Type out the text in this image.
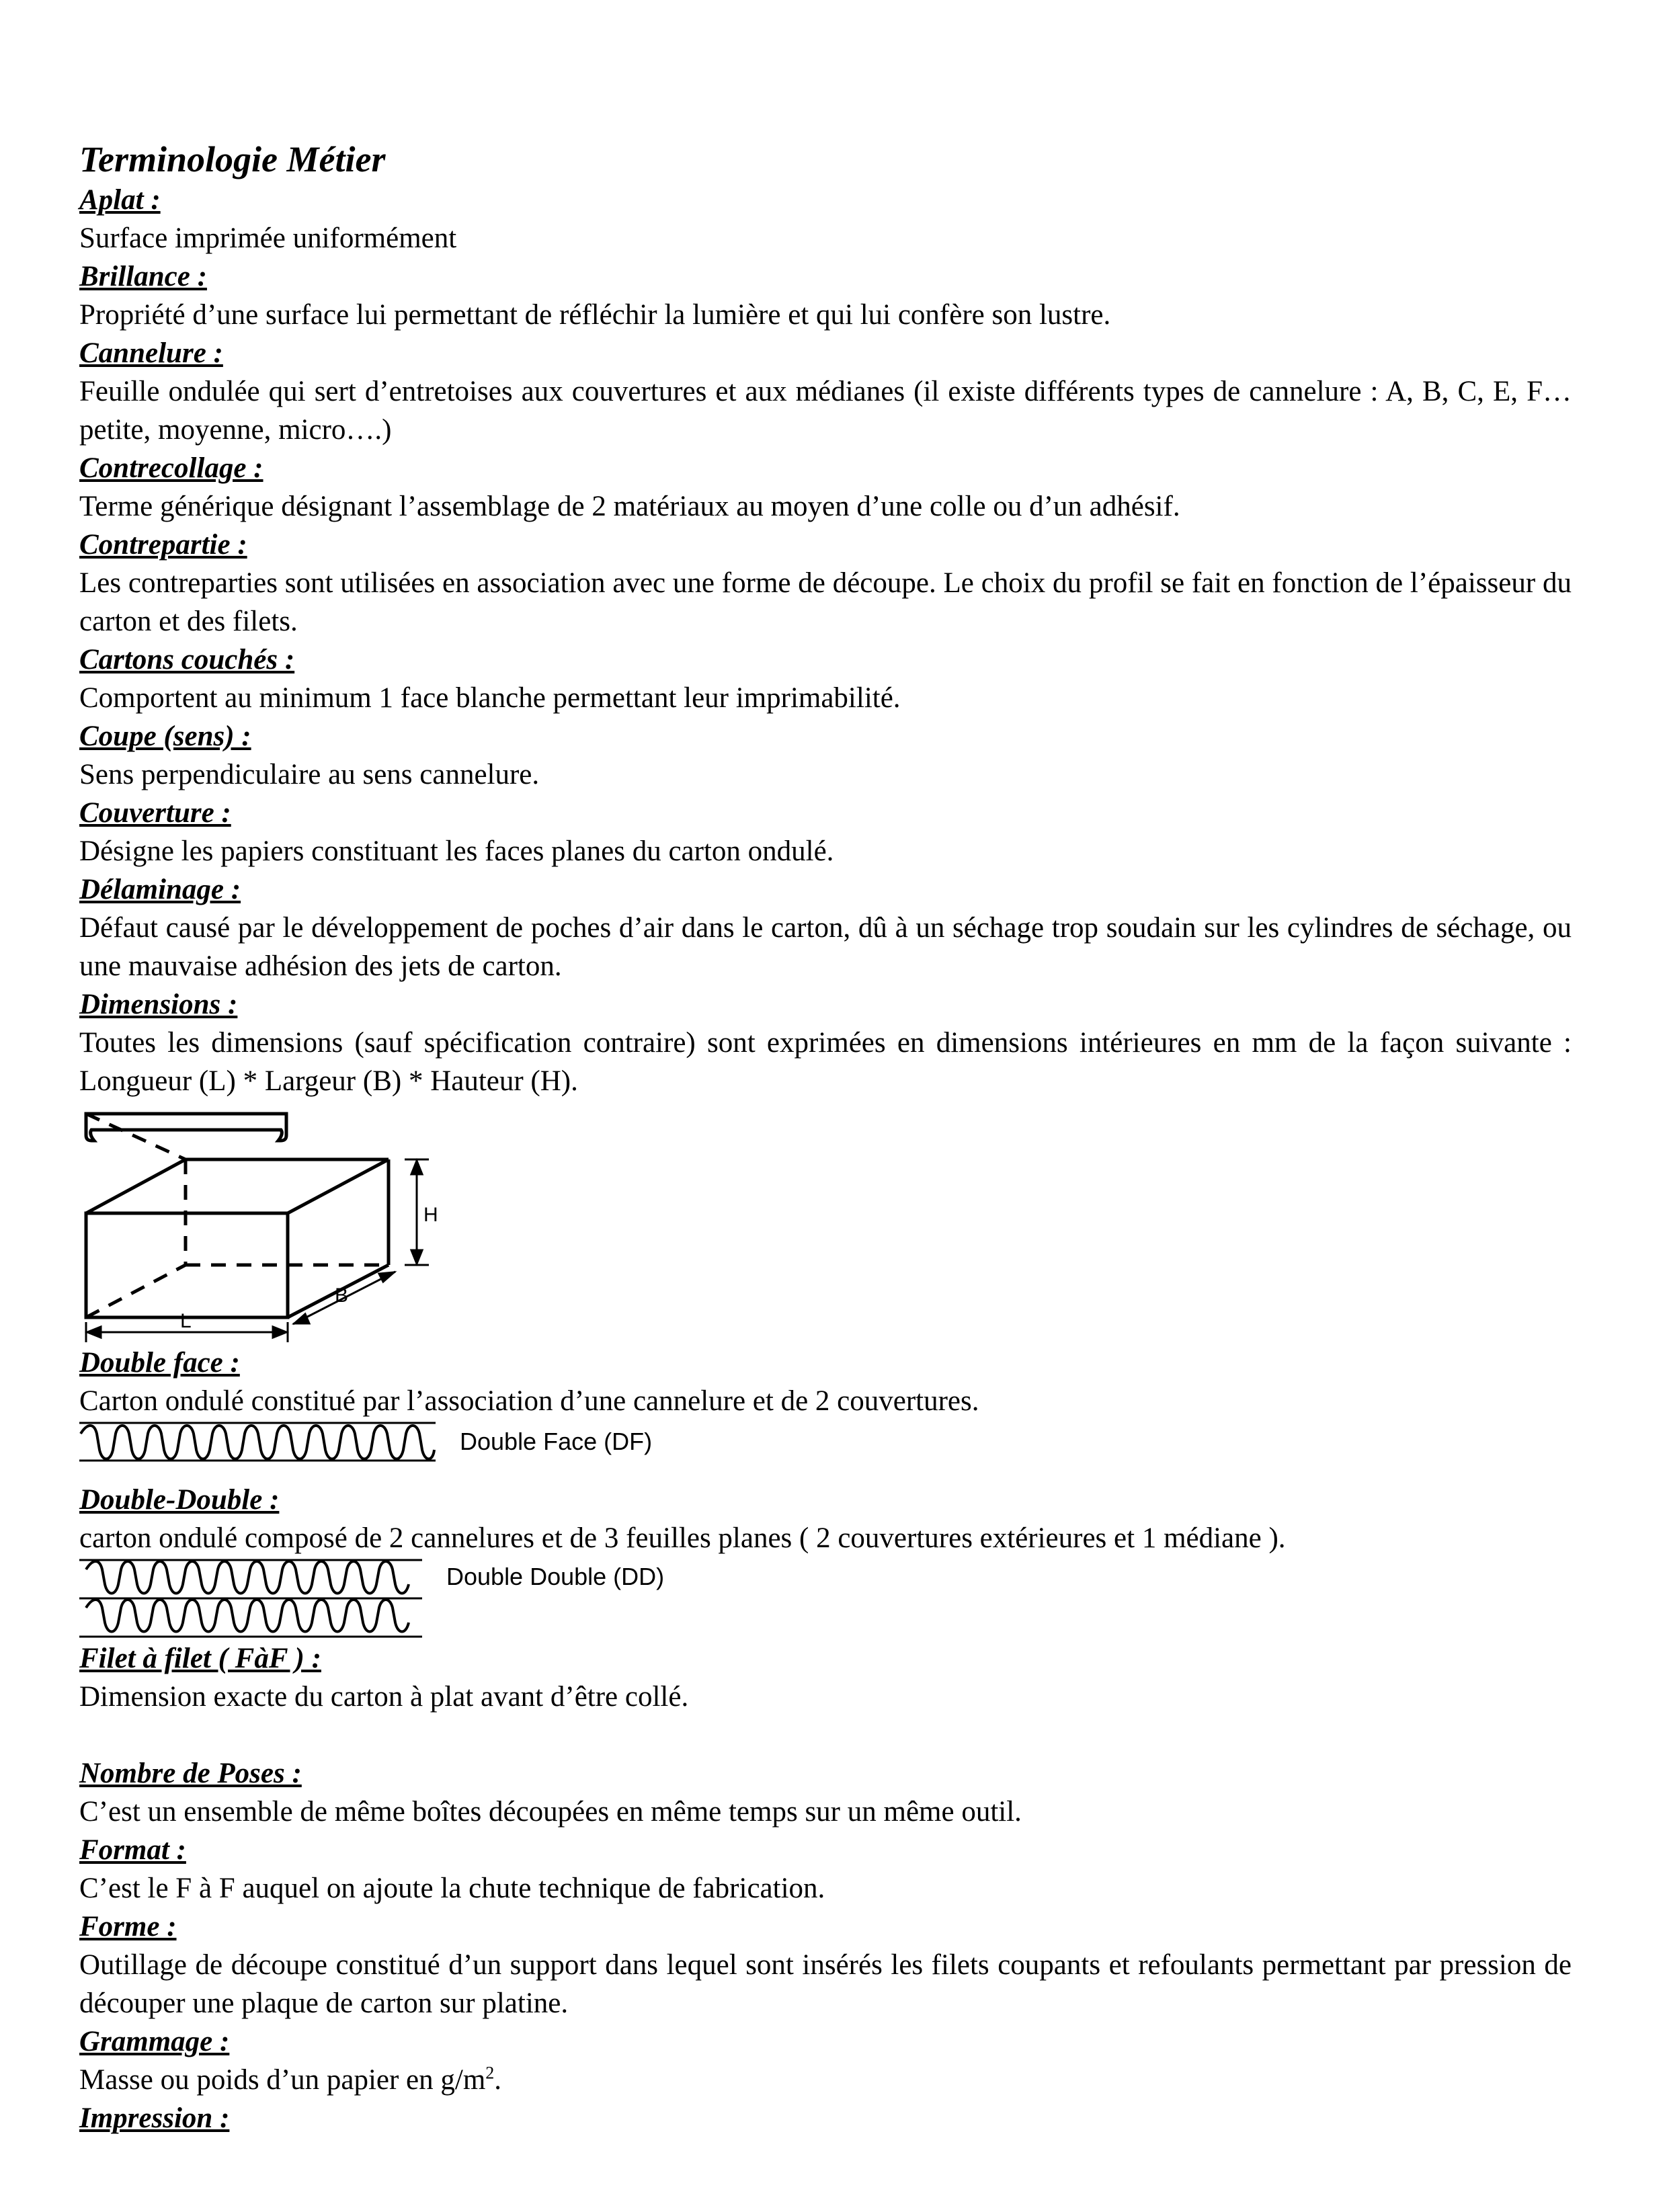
Terminologie Métier

Aplat :

Surface imprimée uniformément

Brillance :

Propriété d’une surface lui permettant de réfléchir la lumière et qui lui confère son lustre.

Cannelure :

Feuille ondulée qui sert d’entretoises aux couvertures et aux médianes (il existe différents types de cannelure : A, B, C, E, F… petite, moyenne, micro….)

Contrecollage :

Terme générique désignant l’assemblage de 2 matériaux au moyen d’une colle ou d’un adhésif.

Contrepartie :

Les contreparties sont utilisées en association avec une forme de découpe. Le choix du profil se fait en fonction de l’épaisseur du carton et des filets.

Cartons couchés :

Comportent au minimum 1 face blanche permettant leur imprimabilité.

Coupe (sens) :

Sens perpendiculaire au sens cannelure.

Couverture :

Désigne les papiers constituant les faces planes du carton ondulé.

Délaminage :

Défaut causé par le développement de poches d’air dans le carton, dû à un séchage trop soudain sur les cylindres de séchage, ou une mauvaise adhésion des jets de carton.

Dimensions :

Toutes les dimensions (sauf spécification contraire) sont exprimées en dimensions intérieures en mm de la façon suivante : Longueur (L) * Largeur (B) * Hauteur (H).

H
L
B

Double face :

Carton ondulé constitué par l’association d’une cannelure et de 2 couvertures.

Double Face (DF)

Double-Double :

carton ondulé composé de 2 cannelures et de 3 feuilles planes ( 2 couvertures extérieures et 1 médiane ).

Double Double (DD)

Filet à filet ( FàF ) :

Dimension exacte du carton à plat avant d’être collé.

Nombre de Poses :

C’est un ensemble de même boîtes découpées en même temps sur un même outil.

Format :

C’est le F à F auquel on ajoute la chute technique de fabrication.

Forme :

Outillage de découpe constitué d’un support dans lequel sont insérés les filets coupants et refoulants permettant par pression de découper une plaque de carton sur platine.

Grammage :

Masse ou poids d’un papier en $g/m^2$.

Impression :
